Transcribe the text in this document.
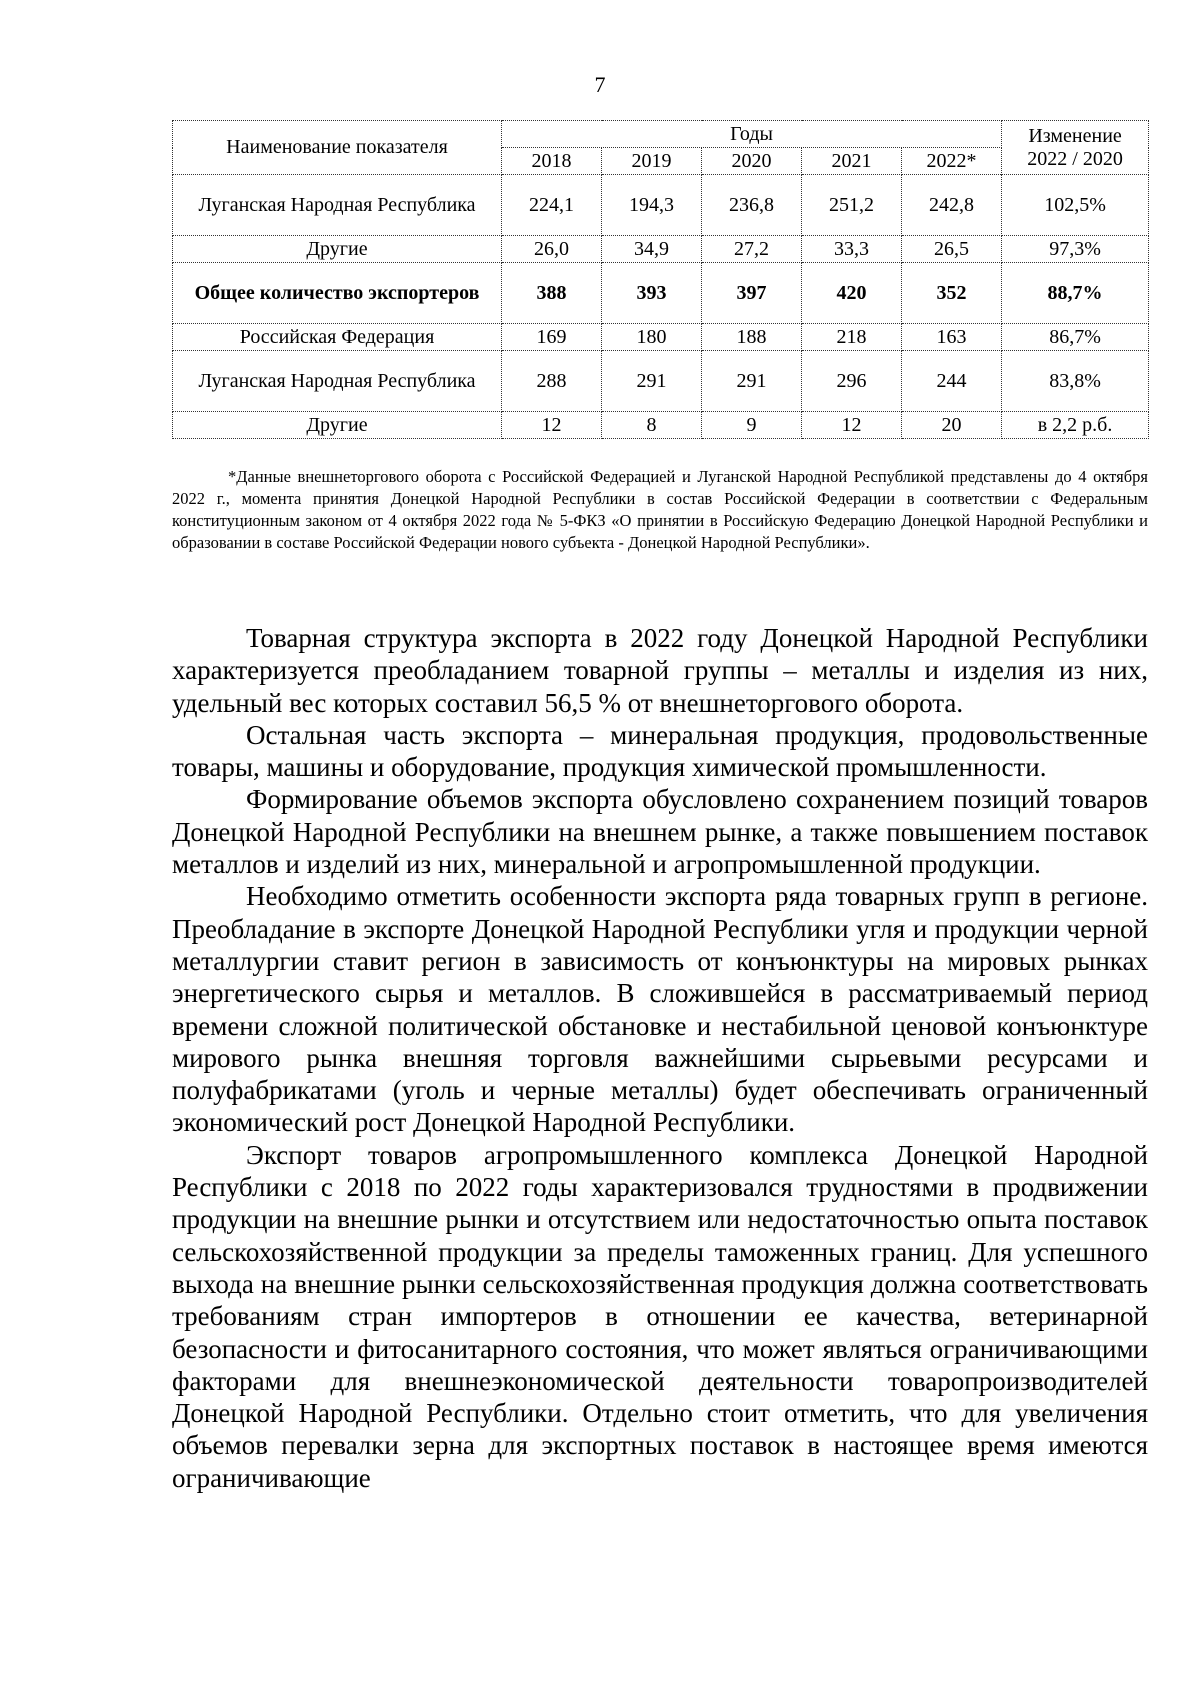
7
Наименование показателя	Годы					Изменение 2022 / 2020
	2018	2019	2020	2021	2022*	
Луганская Народная Республика	224,1	194,3	236,8	251,2	242,8	102,5%
Другие	26,0	34,9	27,2	33,3	26,5	97,3%
Общее количество экспортеров	388	393	397	420	352	88,7%
Российская Федерация	169	180	188	218	163	86,7%
Луганская Народная Республика	288	291	291	296	244	83,8%
Другие	12	8	9	12	20	в 2,2 р.б.

*Данные внешнеторгового оборота с Российской Федерацией и Луганской Народной Республикой представлены до 4 октября 2022 г., момента принятия Донецкой Народной Республики в состав Российской Федерации в соответствии с Федеральным конституционным законом от 4 октября 2022 года № 5-ФКЗ «О принятии в Российскую Федерацию Донецкой Народной Республики и образовании в составе Российской Федерации нового субъекта - Донецкой Народной Республики».

Товарная структура экспорта в 2022 году Донецкой Народной Республики характеризуется преобладанием товарной группы – металлы и изделия из них, удельный вес которых составил 56,5 % от внешнеторгового оборота.

Остальная часть экспорта – минеральная продукция, продовольственные товары, машины и оборудование, продукция химической промышленности.

Формирование объемов экспорта обусловлено сохранением позиций товаров Донецкой Народной Республики на внешнем рынке, а также повышением поставок металлов и изделий из них, минеральной и агропромышленной продукции.

Необходимо отметить особенности экспорта ряда товарных групп в регионе. Преобладание в экспорте Донецкой Народной Республики угля и продукции черной металлургии ставит регион в зависимость от конъюнктуры на мировых рынках энергетического сырья и металлов. В сложившейся в рассматриваемый период времени сложной политической обстановке и нестабильной ценовой конъюнктуре мирового рынка внешняя торговля важнейшими сырьевыми ресурсами и полуфабрикатами (уголь и черные металлы) будет обеспечивать ограниченный экономический рост Донецкой Народной Республики.

Экспорт товаров агропромышленного комплекса Донецкой Народной Республики с 2018 по 2022 годы характеризовался трудностями в продвижении продукции на внешние рынки и отсутствием или недостаточностью опыта поставок сельскохозяйственной продукции за пределы таможенных границ. Для успешного выхода на внешние рынки сельскохозяйственная продукция должна соответствовать требованиям стран импортеров в отношении ее качества, ветеринарной безопасности и фитосанитарного состояния, что может являться ограничивающими факторами для внешнеэкономической деятельности товаропроизводителей Донецкой Народной Республики. Отдельно стоит отметить, что для увеличения объемов перевалки зерна для экспортных поставок в настоящее время имеются ограничивающие
